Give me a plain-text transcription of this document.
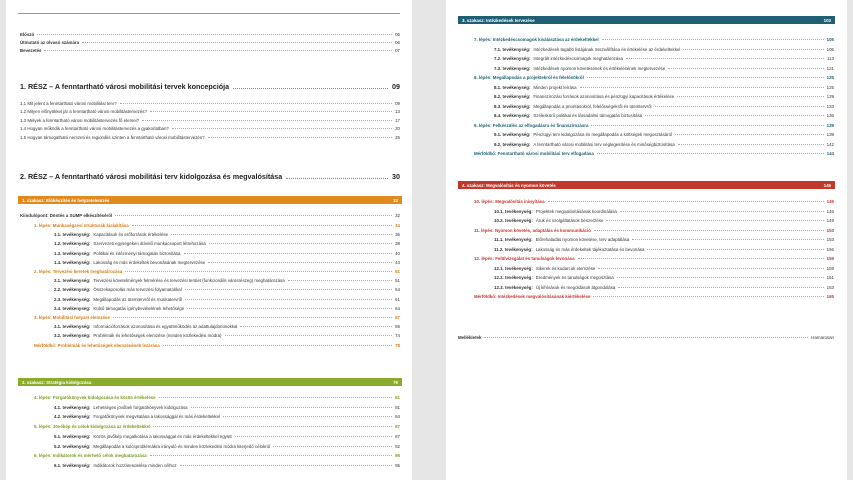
Előszó	05
Útmutató az olvasó számára	06
Bevezetés	07
1. RÉSZ – A fenntartható városi mobilitási tervek koncepciója	09
2. RÉSZ – A fenntartható városi mobilitási terv kidolgozása és megvalósítása	30
1. szakasz: Előkészítés és helyzetelemzés	32
Kiindulópont: Döntés a SUMP elkészítéséről	32
2. szakasz: Stratégia kidolgozása	79
1.1 Mit jelent a fenntartható városi mobilitási terv?	09
1.2 Milyen előnyökkel jár a fenntartható városi mobilitástervezés?	13
1.3 Melyek a fenntartható városi mobilitástervezés fő elemei?	17
1.4 Hogyan működik a fenntartható városi mobilitástervezés a gyakorlatban?	20
1.5 Hogyan támogatható nemzeti és regionális szinten a fenntartható városi mobilitástervezés?	25
1. lépés: Munkavégzési struktúrák kialakítása	34
1.1. tevékenység: Kapacitások és erőforrások értékelése	36
1.2. tevékenység: Szervezeti egységeken átívelő munkacsoport létrehozása	38
1.3. tevékenység: Politikai és intézményi támogatás biztosítása	40
1.4. tevékenység: Lakosság és más érdekeltek bevonásának megtervezése	44
2. lépés: Tervezési keretek meghatározása	51
2.1. tevékenység: Tervezési követelmények felmérése és tervezési terület (funkcionális városrészeg) meghatározása	51
2.2. tevékenység: Összekapcsolás más tervezési folyamatokkal	54
2.3. tevékenység: Megállapodás az ütemtervről és munkatervről	61
2.4. tevékenység: Külső támogatás igénybevételének lehetősége	64
3. lépés: Mobilitási helyzet elemzése	67
3.1. tevékenység: Információforrások azonosítása és együttműködés az adattulajdonosokkal	69
3.2. tevékenység: Problémák és lehetőségek elemzése (minden közlekedési módra)	74
Mérföldkő: Problémák és lehetőségek elemzésének lezárása	78
4. lépés: Forgatókönyvek kidolgozása és közös értékelése	81
4.1. tevékenység: Lehetséges jövőbeli forgatókönyvek kidolgozása	81
4.2. tevékenység: Forgatókönyvek megvitatása a lakossággal és más érdekeltekkel	84
5. lépés: Jövőkép és célok kidolgozása az érdekeltekkel	87
5.1. tevékenység: Közös jövőkép megalkotása a lakossággal és más érdekeltekkel együtt	87
5.2. tevékenység: Megállapodás a kulcsproblémákra irányuló és minden közlekedési módra kiterjedő célokról	92
6. lépés: Indikátorok és mérhető célok meghatározása	95
6.1. tevékenység: Indikátorok hozzárendelése minden célhoz	95
3. szakasz: Intézkedések tervezése	103
4. szakasz: Megvalósítás és nyomon követés	145
Mellékletek	Hamarosan
7. lépés: Intézkedéscsomagok kiválasztása az érdekeltekkel	105
7.1. tevékenység: Intézkedések tagabb listájának összeállítása és értékelése az érdekeltekkel	105
7.2. tevékenység: Integrált intézkedéscsomagok meghatározása	113
7.3. tevékenység: Intézkedések nyomon követésének és értékelésének megtervezése	121
8. lépés: Megállapodás a projektekről és felelősökről	125
8.1. tevékenység: Minden projekt leírása	125
8.2. tevékenység: Finanszírozási források azonosítása és pénzügyi kapacitások értékelése	129
8.3. tevékenység: Megállapodás a prioritásokról, felelősségekről és ütemtervről	133
8.4. tevékenység: Széleskörű politikai és társadalmi támogatás biztosítása	136
9. lépés: Felkészülés az elfogadásra és finanszírozásra	139
9.1. tevékenység: Pénzügyi terv kidolgozása és megállapodás a költségek megosztásáról	139
9.2. tevékenység: A fenntartható városi mobilitási terv véglegesítése és minőségbiztosítása	142
Mérföldkő: Fenntartható városi mobilitási terv elfogadása	144
10. lépés: Megvalósítás irányítása	146
10.1. tevékenység: Projektek megvalósításának koordinálása	146
10.2. tevékenység: Áruk és szolgáltatások beszerzése	149
11. lépés: Nyomon követés, adaptálás és kommunikáció	153
11.1. tevékenység: Előrehaladás nyomon követése, terv adaptálása	153
11.2. tevékenység: Lakosság és más érdekeltek tájékoztatása és bevonása	156
12. lépés: Felülvizsgálat és tanulságok levonása	159
12.1. tevékenység: Sikerek és kudarcok elemzése	159
12.2. tevékenység: Eredmények és tanulságok megosztása	161
12.3. tevékenység: Új kihívások és megoldások átgondolása	163
Mérföldkő: Intézkedések megvalósításának kiértékelése	165
